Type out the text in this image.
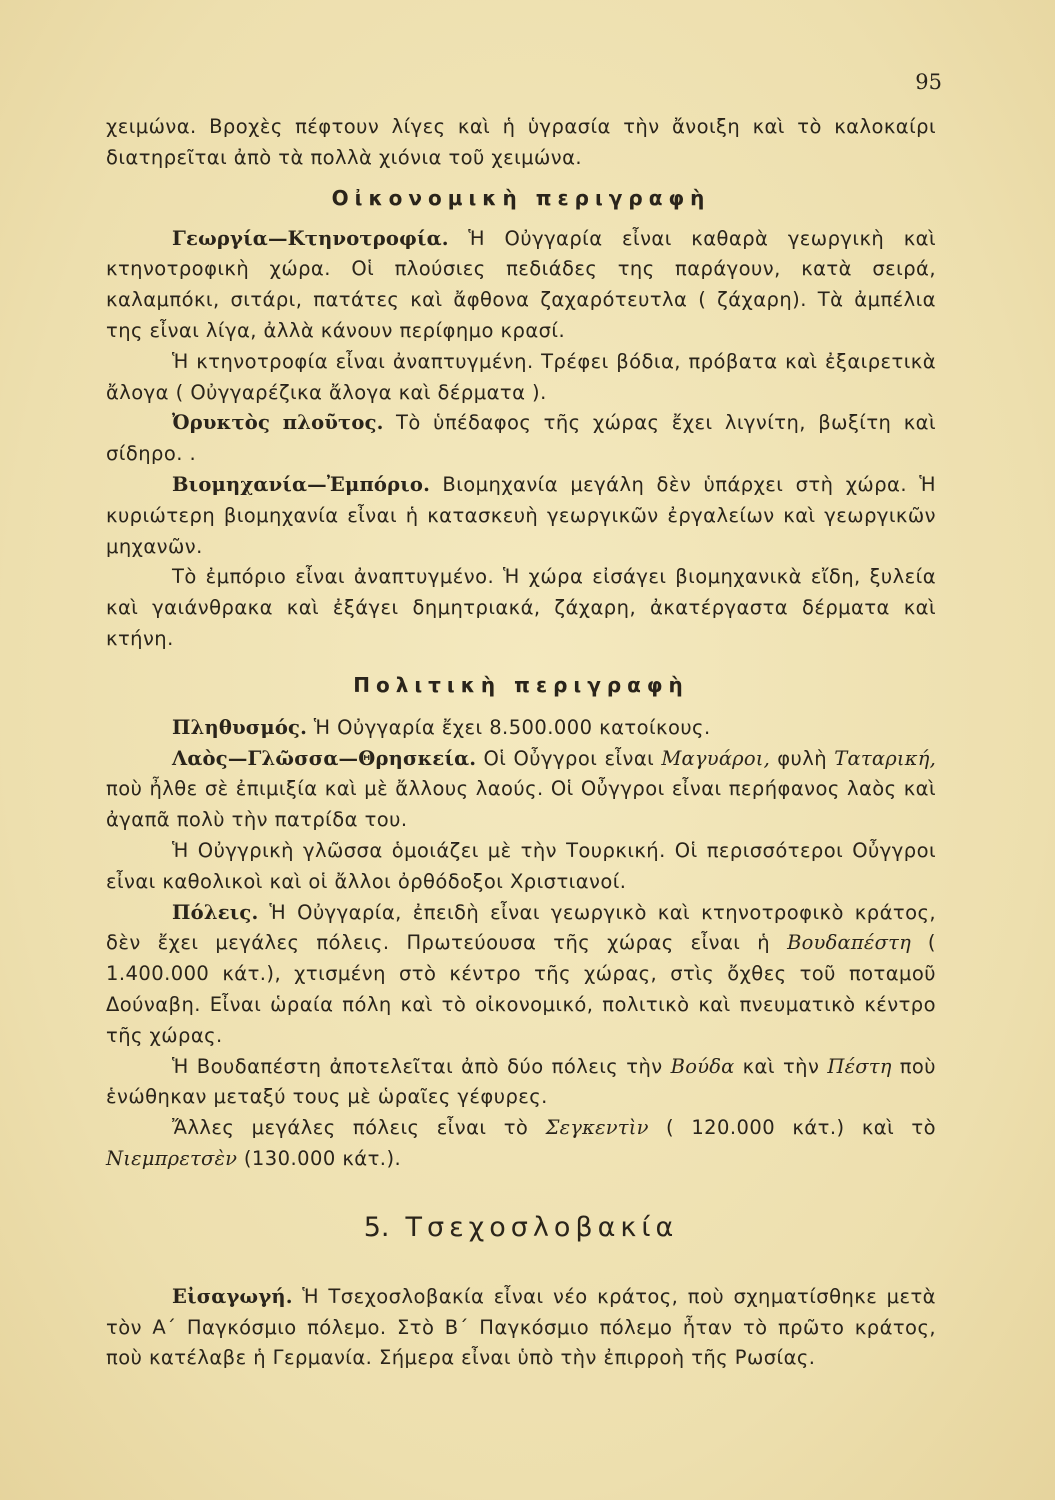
95

χειμώνα. Βροχὲς πέφτουν λίγες καὶ ἡ ὑγρασία τὴν ἄνοιξη καὶ τὸ καλοκαίρι διατηρεῖται ἀπὸ τὰ πολλὰ χιόνια τοῦ χειμώνα.

Οἰκονομικὴ περιγραφὴ

Γεωργία—Κτηνοτροφία. Ἡ Οὐγγαρία εἶναι καθαρὰ γεωργικὴ καὶ κτηνοτροφικὴ χώρα. Οἱ πλούσιες πεδιάδες της παράγουν, κατὰ σειρά, καλαμπόκι, σιτάρι, πατάτες καὶ ἄφθονα ζαχαρότευτλα ( ζάχαρη). Τὰ ἀμπέλια της εἶναι λίγα, ἀλλὰ κάνουν περίφημο κρασί.

Ἡ κτηνοτροφία εἶναι ἀναπτυγμένη. Τρέφει βόδια, πρόβατα καὶ ἐξαιρετικὰ ἄλογα ( Οὐγγαρέζικα ἄλογα καὶ δέρματα ).

Ὀρυκτὸς πλοῦτος. Τὸ ὑπέδαφος τῆς χώρας ἔχει λιγνίτη, βωξίτη καὶ σίδηρο. .

Βιομηχανία—Ἐμπόριο. Βιομηχανία μεγάλη δὲν ὑπάρχει στὴ χώρα. Ἡ κυριώτερη βιομηχανία εἶναι ἡ κατασκευὴ γεωργικῶν ἐργαλείων καὶ γεωργικῶν μηχανῶν.

Τὸ ἐμπόριο εἶναι ἀναπτυγμένο. Ἡ χώρα εἰσάγει βιομηχανικὰ εἴδη, ξυλεία καὶ γαιάνθρακα καὶ ἐξάγει δημητριακά, ζάχαρη, ἀκατέργαστα δέρματα καὶ κτήνη.

Πολιτικὴ περιγραφὴ

Πληθυσμός. Ἡ Οὐγγαρία ἔχει 8.500.000 κατοίκους.

Λαὸς—Γλῶσσα—Θρησκεία. Οἱ Οὖγγροι εἶναι Μαγυάροι, φυλὴ Ταταρική, ποὺ ἦλθε σὲ ἐπιμιξία καὶ μὲ ἄλλους λαούς. Οἱ Οὖγγροι εἶναι περήφανος λαὸς καὶ ἀγαπᾶ πολὺ τὴν πατρίδα του.

Ἡ Οὐγγρικὴ γλῶσσα ὁμοιάζει μὲ τὴν Τουρκική. Οἱ περισσότεροι Οὖγγροι εἶναι καθολικοὶ καὶ οἱ ἄλλοι ὀρθόδοξοι Χριστιανοί.

Πόλεις. Ἡ Οὐγγαρία, ἐπειδὴ εἶναι γεωργικὸ καὶ κτηνοτροφικὸ κράτος, δὲν ἔχει μεγάλες πόλεις. Πρωτεύουσα τῆς χώρας εἶναι ἡ Βουδαπέστη ( 1.400.000 κάτ.), χτισμένη στὸ κέντρο τῆς χώρας, στὶς ὄχθες τοῦ ποταμοῦ Δούναβη. Εἶναι ὡραία πόλη καὶ τὸ οἰκονομικό, πολιτικὸ καὶ πνευματικὸ κέντρο τῆς χώρας.

Ἡ Βουδαπέστη ἀποτελεῖται ἀπὸ δύο πόλεις τὴν Βούδα καὶ τὴν Πέστη ποὺ ἑνώθηκαν μεταξύ τους μὲ ὡραῖες γέφυρες.

Ἄλλες μεγάλες πόλεις εἶναι τὸ Σεγκεντὶν ( 120.000 κάτ.) καὶ τὸ Νιεμπρετσὲν (130.000 κάτ.).

5. Τσεχοσλοβακία

Εἰσαγωγή. Ἡ Τσεχοσλοβακία εἶναι νέο κράτος, ποὺ σχηματίσθηκε μετὰ τὸν Α΄ Παγκόσμιο πόλεμο. Στὸ Β΄ Παγκόσμιο πόλεμο ἦταν τὸ πρῶτο κράτος, ποὺ κατέλαβε ἡ Γερμανία. Σήμερα εἶναι ὑπὸ τὴν ἐπιρροὴ τῆς Ρωσίας.
